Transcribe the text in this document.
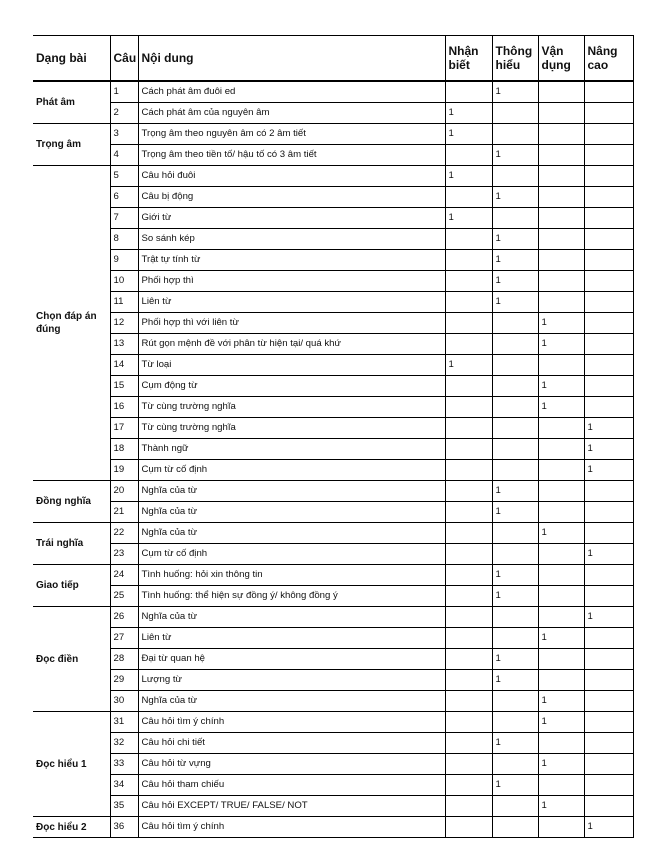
Dạng bài	Câu	Nội dung	Nhận biết	Thông hiểu	Vận dụng	Nâng cao
Phát âm	1	Cách phát âm đuôi ed		1		
	2	Cách phát âm của nguyên âm	1			
Trọng âm	3	Trọng âm theo nguyên âm có 2 âm tiết	1			
	4	Trọng âm theo tiền tố/ hậu tố có 3 âm tiết		1		
Chọn đáp án đúng	5	Câu hỏi đuôi	1			
	6	Câu bị động		1		
	7	Giới từ	1			
	8	So sánh kép		1		
	9	Trật tự tính từ		1		
	10	Phối hợp thì		1		
	11	Liên từ		1		
	12	Phối hợp thì với liên từ			1	
	13	Rút gọn mệnh đề với phân từ hiện tại/ quá khứ			1	
	14	Từ loại	1			
	15	Cụm động từ			1	
	16	Từ cùng trường nghĩa			1	
	17	Từ cùng trường nghĩa				1
	18	Thành ngữ				1
	19	Cụm từ cố định				1
Đồng nghĩa	20	Nghĩa của từ		1		
	21	Nghĩa của từ		1		
Trái nghĩa	22	Nghĩa của từ			1	
	23	Cụm từ cố định				1
Giao tiếp	24	Tình huống: hỏi xin thông tin		1		
	25	Tình huống: thể hiện sự đồng ý/ không đồng ý		1		
Đọc điền	26	Nghĩa của từ				1
	27	Liên từ			1	
	28	Đại từ quan hệ		1		
	29	Lượng từ		1		
	30	Nghĩa của từ			1	
Đọc hiểu 1	31	Câu hỏi tìm ý chính			1	
	32	Câu hỏi chi tiết		1		
	33	Câu hỏi từ vựng			1	
	34	Câu hỏi tham chiếu		1		
	35	Câu hỏi EXCEPT/ TRUE/ FALSE/ NOT			1	
Đọc hiểu 2	36	Câu hỏi tìm ý chính				1
